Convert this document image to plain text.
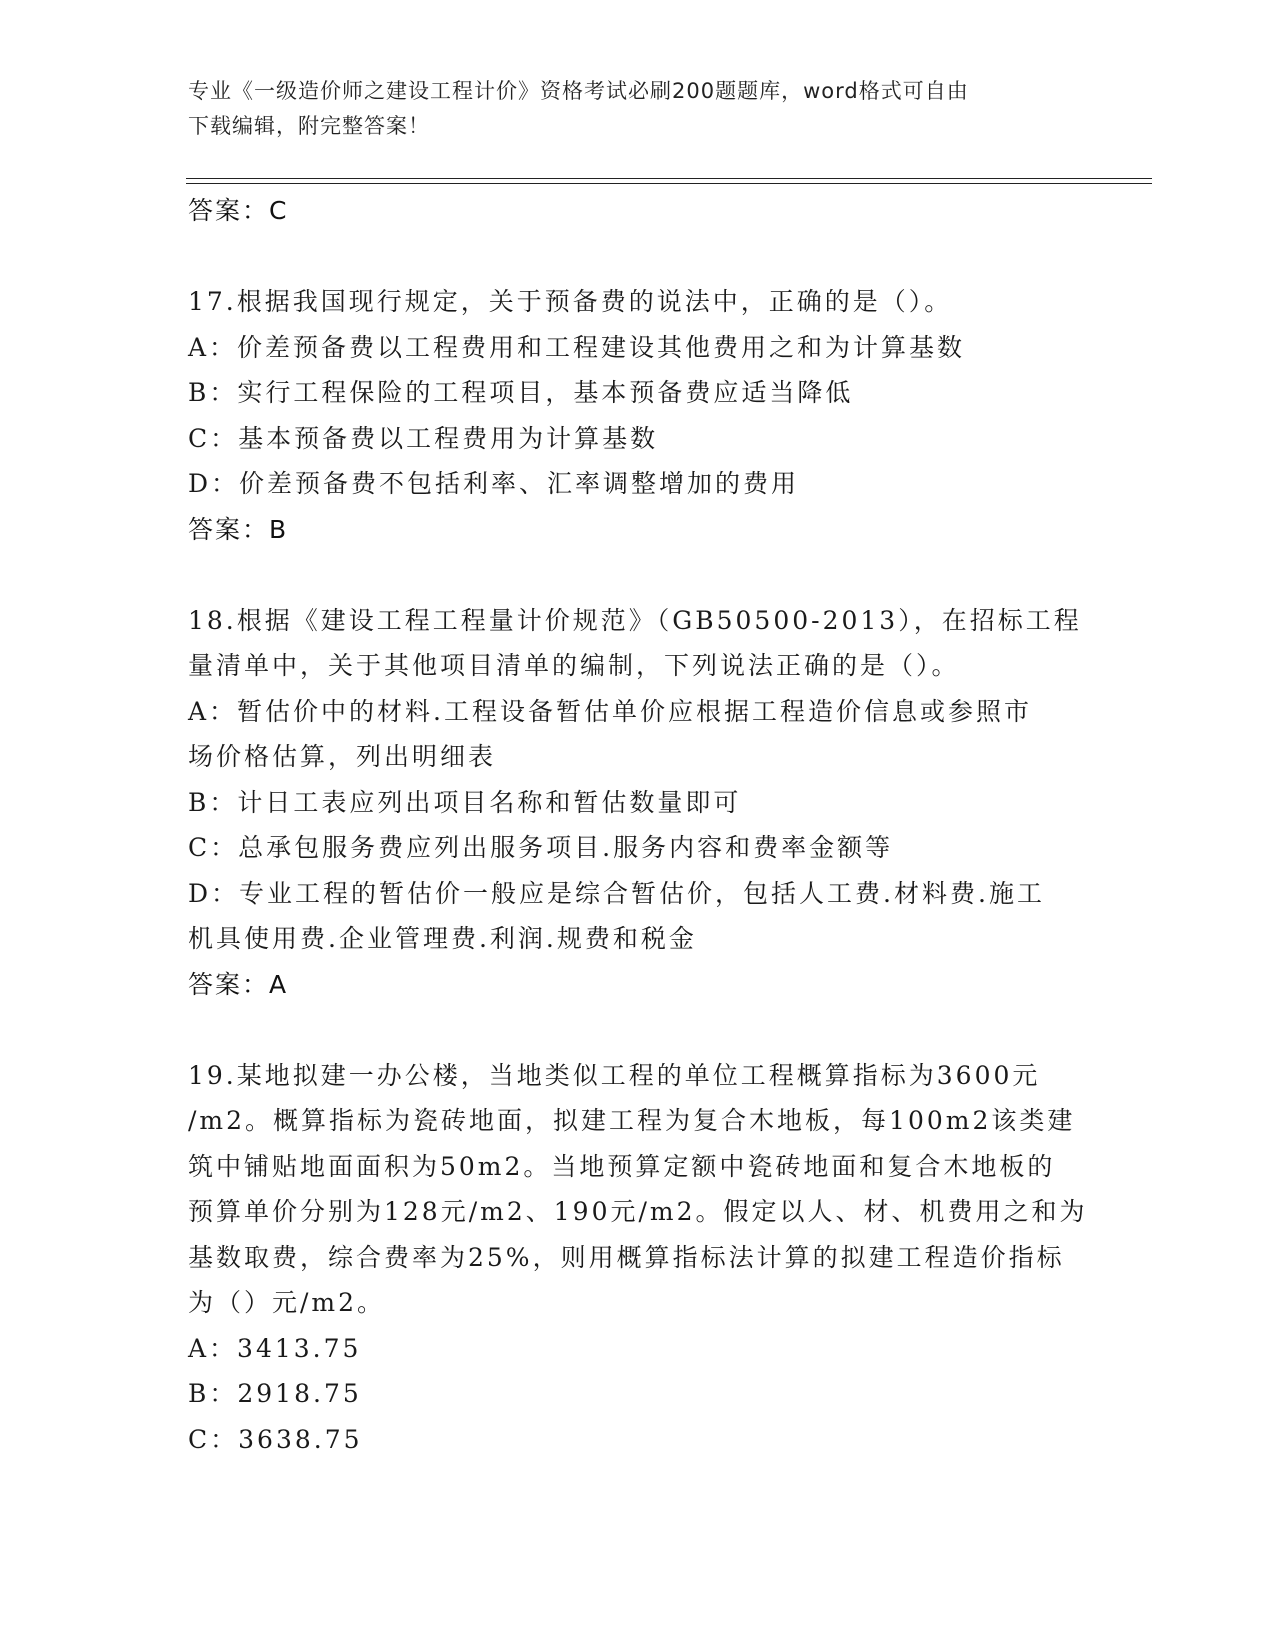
专业《一级造价师之建设工程计价》资格考试必刷200题题库，word格式可自由
下载编辑，附完整答案！
答案：C
17.根据我国现行规定，关于预备费的说法中，正确的是（）。
A：价差预备费以工程费用和工程建设其他费用之和为计算基数
B：实行工程保险的工程项目，基本预备费应适当降低
C：基本预备费以工程费用为计算基数
D：价差预备费不包括利率、汇率调整增加的费用
答案：B
18.根据《建设工程工程量计价规范》（GB50500-2013），在招标工程
量清单中，关于其他项目清单的编制，下列说法正确的是（）。
A：暂估价中的材料.工程设备暂估单价应根据工程造价信息或参照市
场价格估算，列出明细表
B：计日工表应列出项目名称和暂估数量即可
C：总承包服务费应列出服务项目.服务内容和费率金额等
D：专业工程的暂估价一般应是综合暂估价，包括人工费.材料费.施工
机具使用费.企业管理费.利润.规费和税金
答案：A
19.某地拟建一办公楼，当地类似工程的单位工程概算指标为3600元
/m2。概算指标为瓷砖地面，拟建工程为复合木地板，每100m2该类建
筑中铺贴地面面积为50m2。当地预算定额中瓷砖地面和复合木地板的
预算单价分别为128元/m2、190元/m2。假定以人、材、机费用之和为
基数取费，综合费率为25%，则用概算指标法计算的拟建工程造价指标
为（）元/m2。
A：3413.75
B：2918.75
C：3638.75
